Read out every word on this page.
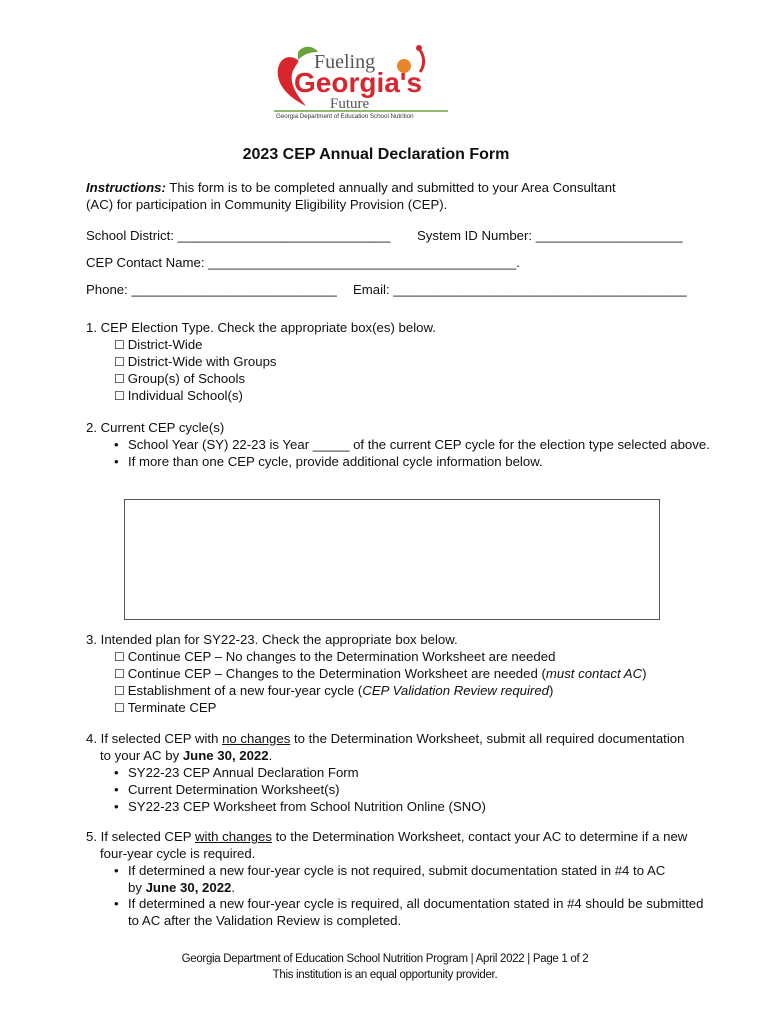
Fueling
Georgia's
Future
Georgia Department of Education School Nutrition
2023 CEP Annual Declaration Form
Instructions: This form is to be completed annually and submitted to your Area Consultant
(AC) for participation in Community Eligibility Provision (CEP).
School District: _____________________________ System ID Number: ____________________
CEP Contact Name: __________________________________________.
Phone: ____________________________ Email: ________________________________________
1. CEP Election Type. Check the appropriate box(es) below.
☐ District-Wide
☐ District-Wide with Groups
☐ Group(s) of Schools
☐ Individual School(s)
2. Current CEP cycle(s)
• School Year (SY) 22-23 is Year _____ of the current CEP cycle for the election type selected above.
• If more than one CEP cycle, provide additional cycle information below.
3. Intended plan for SY22-23. Check the appropriate box below.
☐ Continue CEP – No changes to the Determination Worksheet are needed
☐ Continue CEP – Changes to the Determination Worksheet are needed (must contact AC)
☐ Establishment of a new four-year cycle (CEP Validation Review required)
☐ Terminate CEP
4. If selected CEP with no changes to the Determination Worksheet, submit all required documentation
to your AC by June 30, 2022.
• SY22-23 CEP Annual Declaration Form
• Current Determination Worksheet(s)
• SY22-23 CEP Worksheet from School Nutrition Online (SNO)
5. If selected CEP with changes to the Determination Worksheet, contact your AC to determine if a new
four-year cycle is required.
• If determined a new four-year cycle is not required, submit documentation stated in #4 to AC
by June 30, 2022.
• If determined a new four-year cycle is required, all documentation stated in #4 should be submitted
to AC after the Validation Review is completed.
Georgia Department of Education School Nutrition Program | April 2022 | Page 1 of 2
This institution is an equal opportunity provider.
